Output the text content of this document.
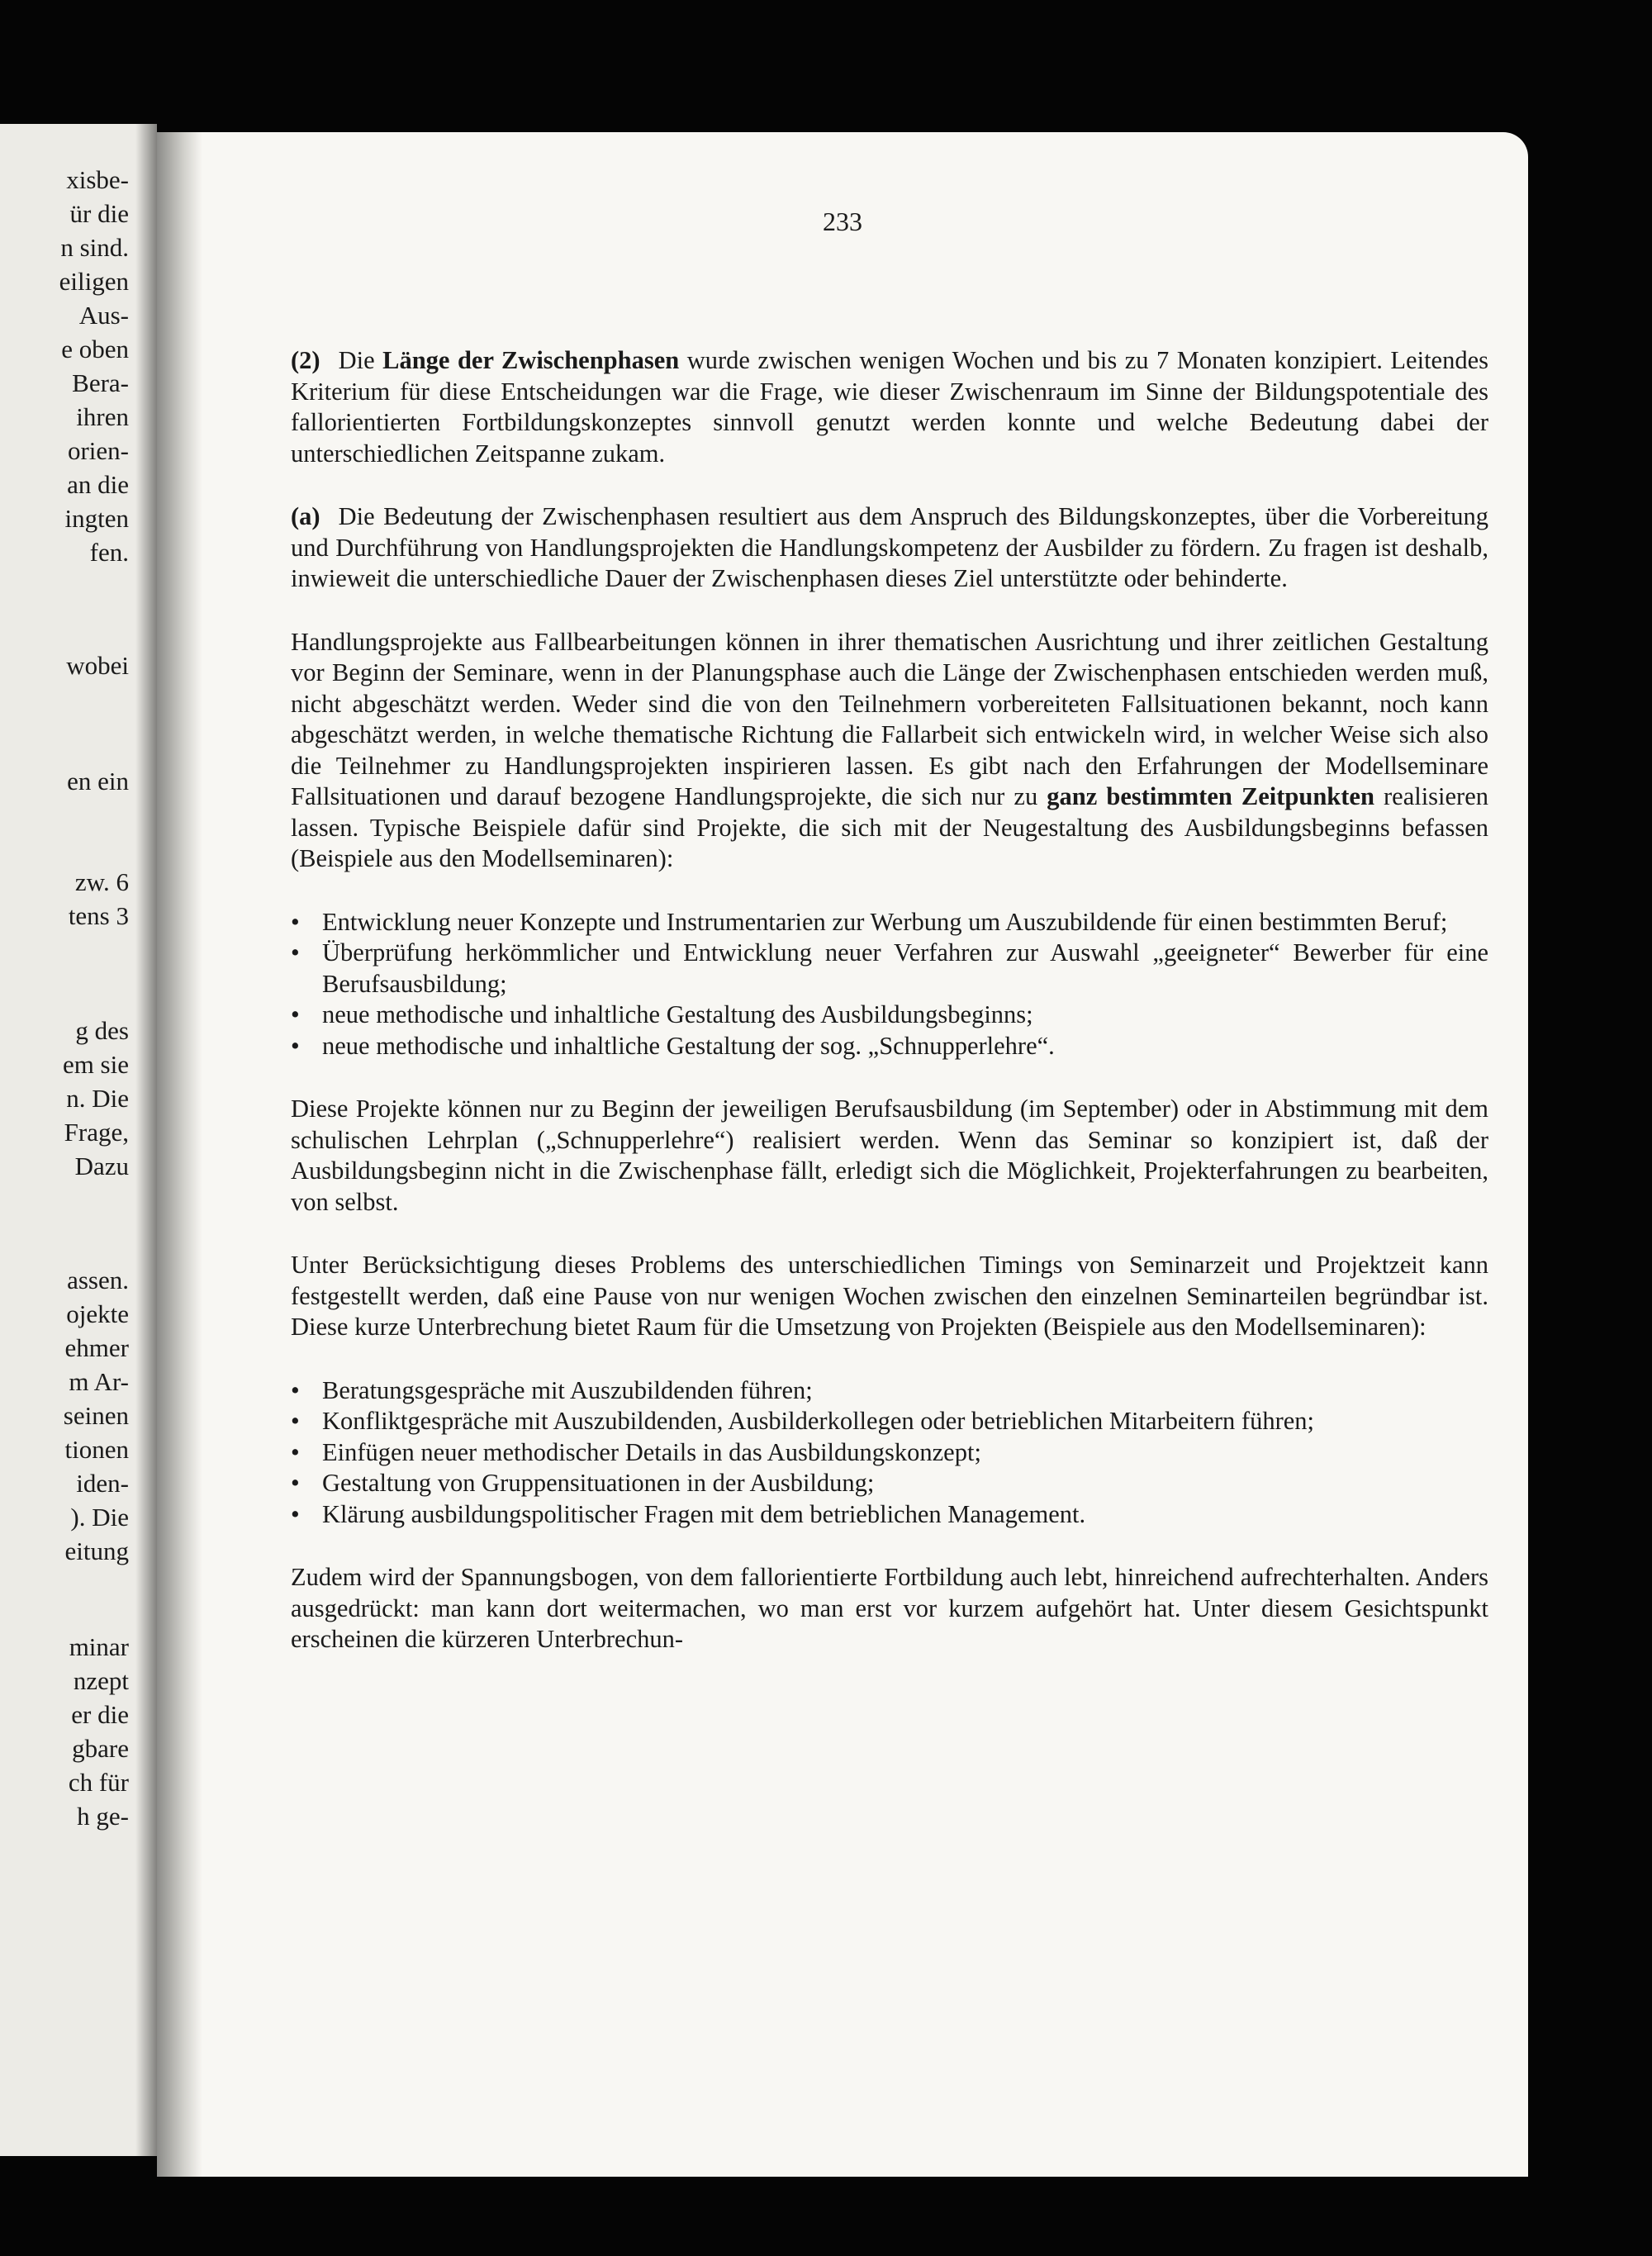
xisbe-
ür die
n sind.
eiligen
Aus-
e oben
Bera-
ihren
orien-
an die
ingten
fen.
wobei
en ein
zw. 6
tens 3
g des
em sie
n. Die
Frage,
Dazu
assen.
ojekte
ehmer
m Ar-
seinen
tionen
iden-
). Die
eitung
minar
nzept
er die
gbare
ch für
h ge-
233

(2) Die Länge der Zwischenphasen wurde zwischen wenigen Wochen und bis zu 7 Monaten konzipiert. Leitendes Kriterium für diese Entscheidungen war die Frage, wie dieser Zwischenraum im Sinne der Bildungspotentiale des fallorientierten Fortbildungskonzeptes sinnvoll genutzt werden konnte und welche Bedeutung dabei der unterschiedlichen Zeitspanne zukam.

(a) Die Bedeutung der Zwischenphasen resultiert aus dem Anspruch des Bildungskonzeptes, über die Vorbereitung und Durchführung von Handlungsprojekten die Handlungskompetenz der Ausbilder zu fördern. Zu fragen ist deshalb, inwieweit die unterschiedliche Dauer der Zwischenphasen dieses Ziel unterstützte oder behinderte.

Handlungsprojekte aus Fallbearbeitungen können in ihrer thematischen Ausrichtung und ihrer zeitlichen Gestaltung vor Beginn der Seminare, wenn in der Planungsphase auch die Länge der Zwischenphasen entschieden werden muß, nicht abgeschätzt werden. Weder sind die von den Teilnehmern vorbereiteten Fallsituationen bekannt, noch kann abgeschätzt werden, in welche thematische Richtung die Fallarbeit sich entwickeln wird, in welcher Weise sich also die Teilnehmer zu Handlungsprojekten inspirieren lassen. Es gibt nach den Erfahrungen der Modellseminare Fallsituationen und darauf bezogene Handlungsprojekte, die sich nur zu ganz bestimmten Zeitpunkten realisieren lassen. Typische Beispiele dafür sind Projekte, die sich mit der Neugestaltung des Ausbildungsbeginns befassen (Beispiele aus den Modellseminaren):

• Entwicklung neuer Konzepte und Instrumentarien zur Werbung um Auszubildende für einen bestimmten Beruf;
• Überprüfung herkömmlicher und Entwicklung neuer Verfahren zur Auswahl „geeigneter“ Bewerber für eine Berufsausbildung;
• neue methodische und inhaltliche Gestaltung des Ausbildungsbeginns;
• neue methodische und inhaltliche Gestaltung der sog. „Schnupperlehre“.

Diese Projekte können nur zu Beginn der jeweiligen Berufsausbildung (im September) oder in Abstimmung mit dem schulischen Lehrplan („Schnupperlehre“) realisiert werden. Wenn das Seminar so konzipiert ist, daß der Ausbildungsbeginn nicht in die Zwischenphase fällt, erledigt sich die Möglichkeit, Projekterfahrungen zu bearbeiten, von selbst.

Unter Berücksichtigung dieses Problems des unterschiedlichen Timings von Seminarzeit und Projektzeit kann festgestellt werden, daß eine Pause von nur wenigen Wochen zwischen den einzelnen Seminarteilen begründbar ist. Diese kurze Unterbrechung bietet Raum für die Umsetzung von Projekten (Beispiele aus den Modellseminaren):

• Beratungsgespräche mit Auszubildenden führen;
• Konfliktgespräche mit Auszubildenden, Ausbilderkollegen oder betrieblichen Mitarbeitern führen;
• Einfügen neuer methodischer Details in das Ausbildungskonzept;
• Gestaltung von Gruppensituationen in der Ausbildung;
• Klärung ausbildungspolitischer Fragen mit dem betrieblichen Management.

Zudem wird der Spannungsbogen, von dem fallorientierte Fortbildung auch lebt, hinreichend aufrechterhalten. Anders ausgedrückt: man kann dort weitermachen, wo man erst vor kurzem aufgehört hat. Unter diesem Gesichtspunkt erscheinen die kürzeren Unterbrechun-
